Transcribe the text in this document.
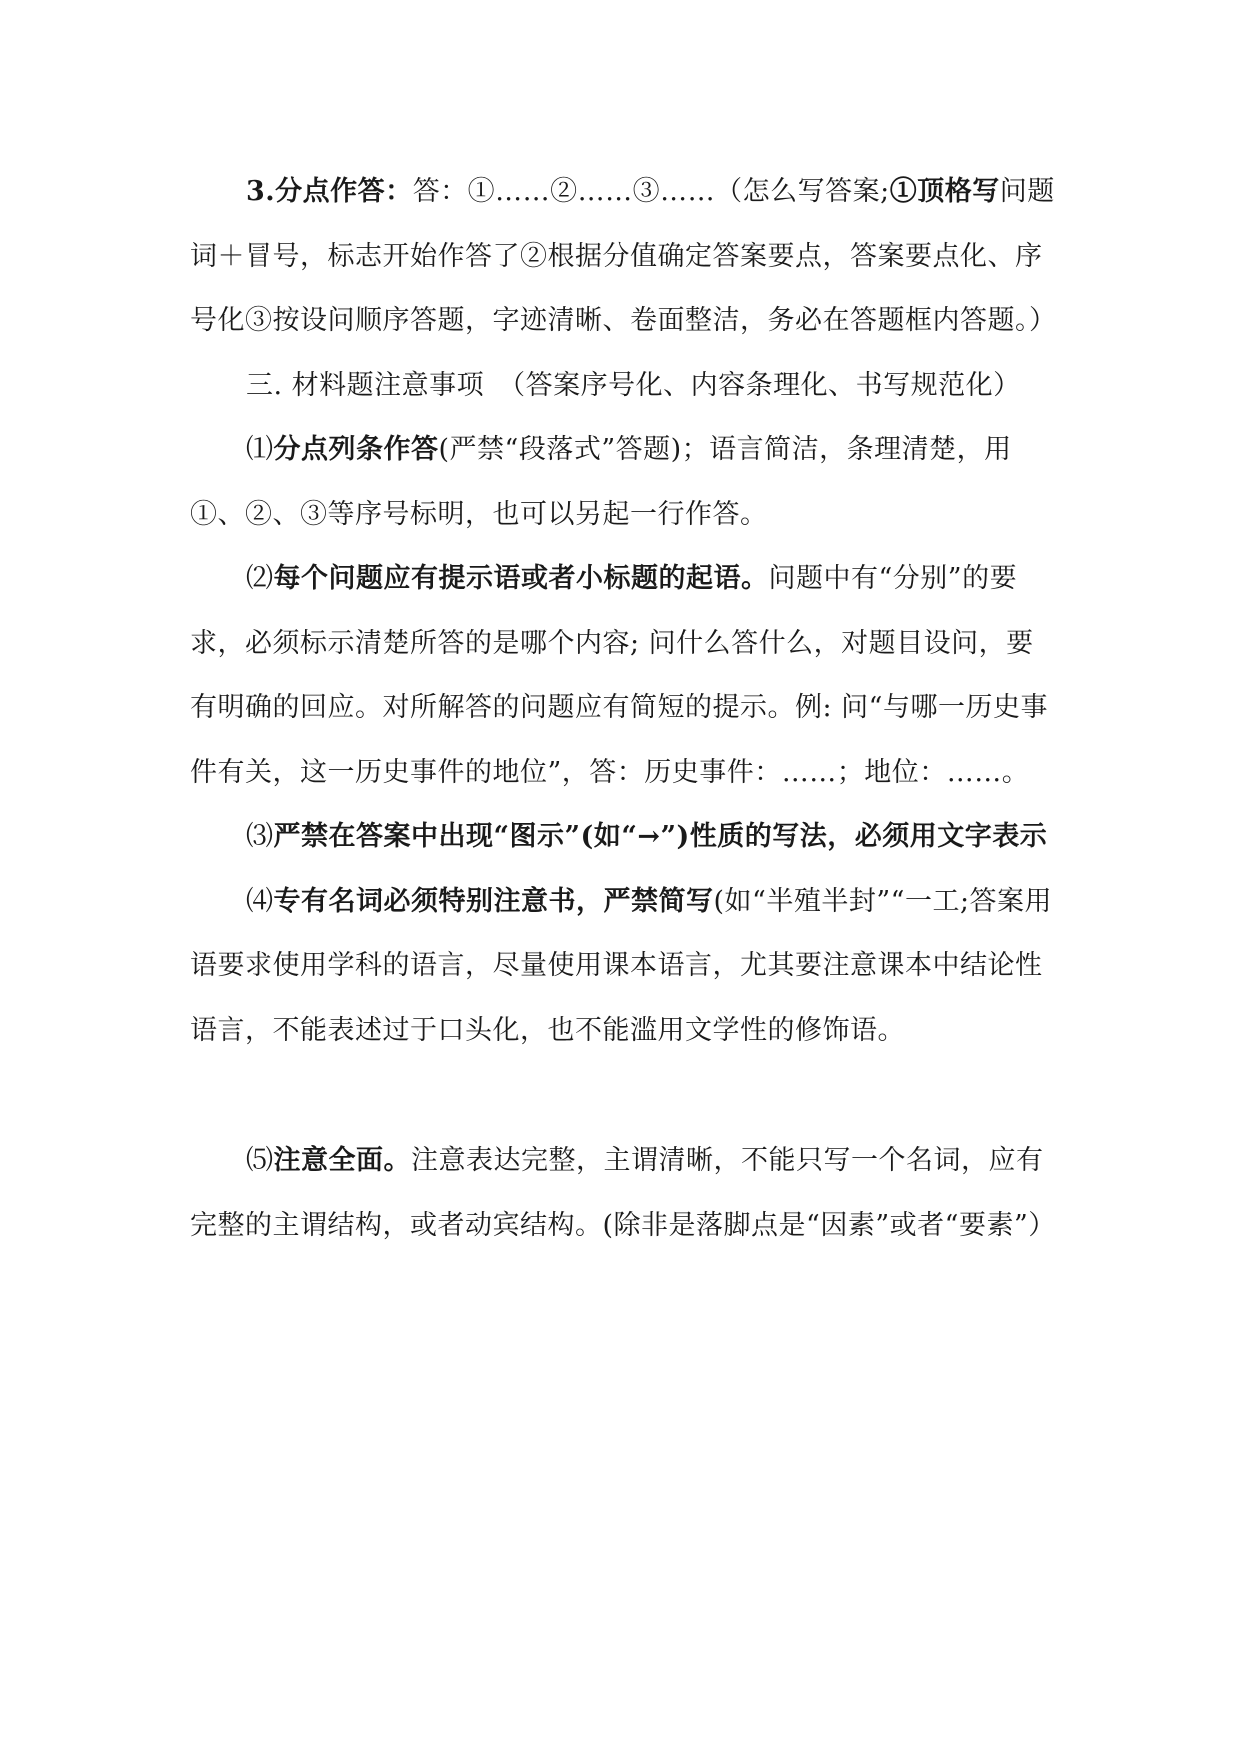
3.分点作答：答：①……②……③……（怎么写答案;①顶格写问题词＋冒号，标志开始作答了②根据分值确定答案要点，答案要点化、序号化③按设问顺序答题，字迹清晰、卷面整洁，务必在答题框内答题。）

三. 材料题注意事项　（答案序号化、内容条理化、书写规范化）

⑴分点列条作答(严禁“段落式”答题)；语言简洁，条理清楚，用①、②、③等序号标明，也可以另起一行作答。

⑵每个问题应有提示语或者小标题的起语。问题中有“分别”的要求，必须标示清楚所答的是哪个内容; 问什么答什么，对题目设问，要有明确的回应。对所解答的问题应有简短的提示。例: 问“与哪一历史事件有关，这一历史事件的地位”，答：历史事件：……；地位：……。

⑶严禁在答案中出现“图示”(如“→”)性质的写法，必须用文字表示

⑷专有名词必须特别注意书，严禁简写(如“半殖半封”“一工;答案用语要求使用学科的语言，尽量使用课本语言，尤其要注意课本中结论性语言，不能表述过于口头化，也不能滥用文学性的修饰语。

⑸注意全面。注意表达完整，主谓清晰，不能只写一个名词，应有完整的主谓结构，或者动宾结构。(除非是落脚点是“因素”或者“要素”）
